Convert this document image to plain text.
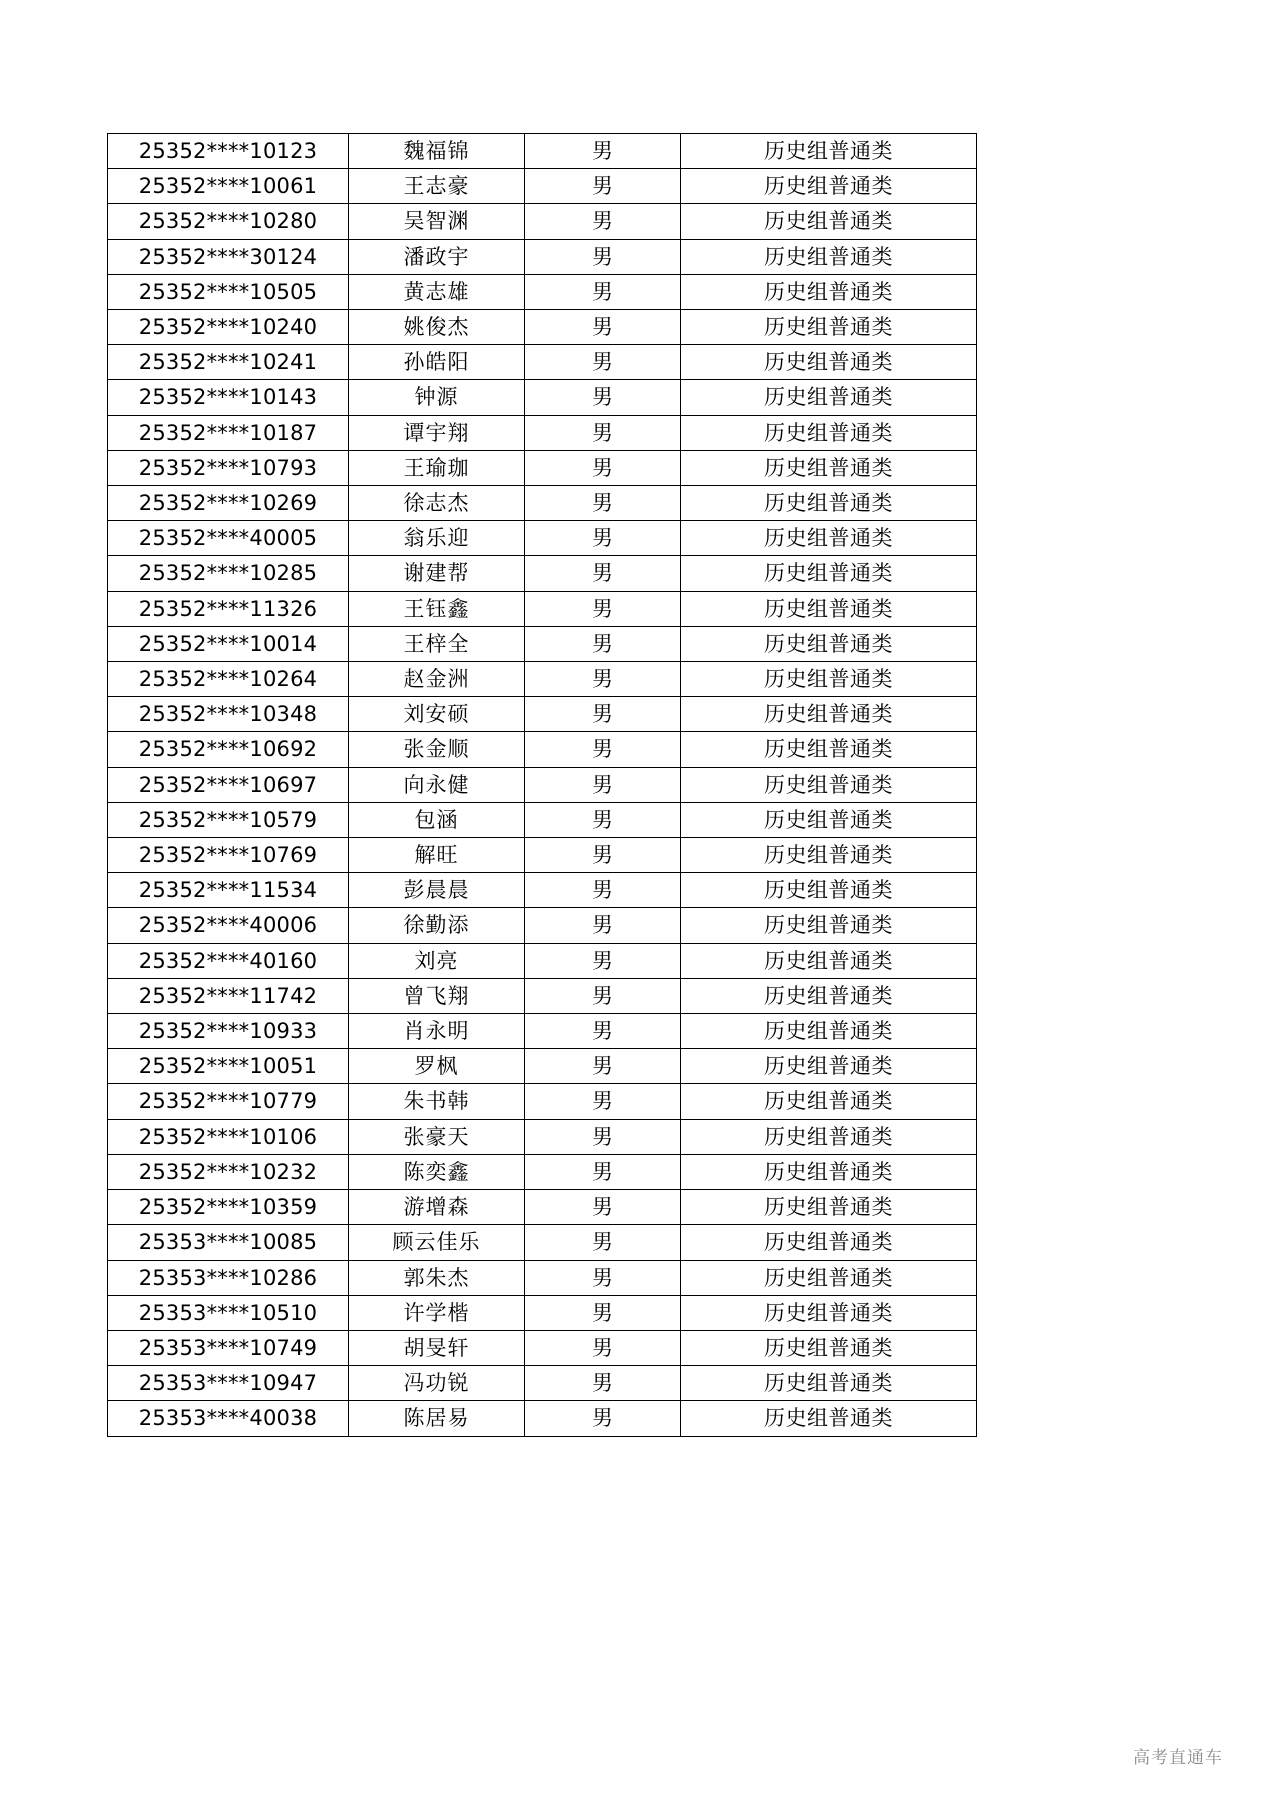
25352****10123	魏福锦	男	历史组普通类
25352****10061	王志豪	男	历史组普通类
25352****10280	吴智渊	男	历史组普通类
25352****30124	潘政宇	男	历史组普通类
25352****10505	黄志雄	男	历史组普通类
25352****10240	姚俊杰	男	历史组普通类
25352****10241	孙皓阳	男	历史组普通类
25352****10143	钟源	男	历史组普通类
25352****10187	谭宇翔	男	历史组普通类
25352****10793	王瑜珈	男	历史组普通类
25352****10269	徐志杰	男	历史组普通类
25352****40005	翁乐迎	男	历史组普通类
25352****10285	谢建帮	男	历史组普通类
25352****11326	王钰鑫	男	历史组普通类
25352****10014	王梓全	男	历史组普通类
25352****10264	赵金洲	男	历史组普通类
25352****10348	刘安硕	男	历史组普通类
25352****10692	张金顺	男	历史组普通类
25352****10697	向永健	男	历史组普通类
25352****10579	包涵	男	历史组普通类
25352****10769	解旺	男	历史组普通类
25352****11534	彭晨晨	男	历史组普通类
25352****40006	徐勤添	男	历史组普通类
25352****40160	刘亮	男	历史组普通类
25352****11742	曾飞翔	男	历史组普通类
25352****10933	肖永明	男	历史组普通类
25352****10051	罗枫	男	历史组普通类
25352****10779	朱书韩	男	历史组普通类
25352****10106	张豪天	男	历史组普通类
25352****10232	陈奕鑫	男	历史组普通类
25352****10359	游增森	男	历史组普通类
25353****10085	顾云佳乐	男	历史组普通类
25353****10286	郭朱杰	男	历史组普通类
25353****10510	许学楷	男	历史组普通类
25353****10749	胡旻轩	男	历史组普通类
25353****10947	冯功锐	男	历史组普通类
25353****40038	陈居易	男	历史组普通类
高考直通车
